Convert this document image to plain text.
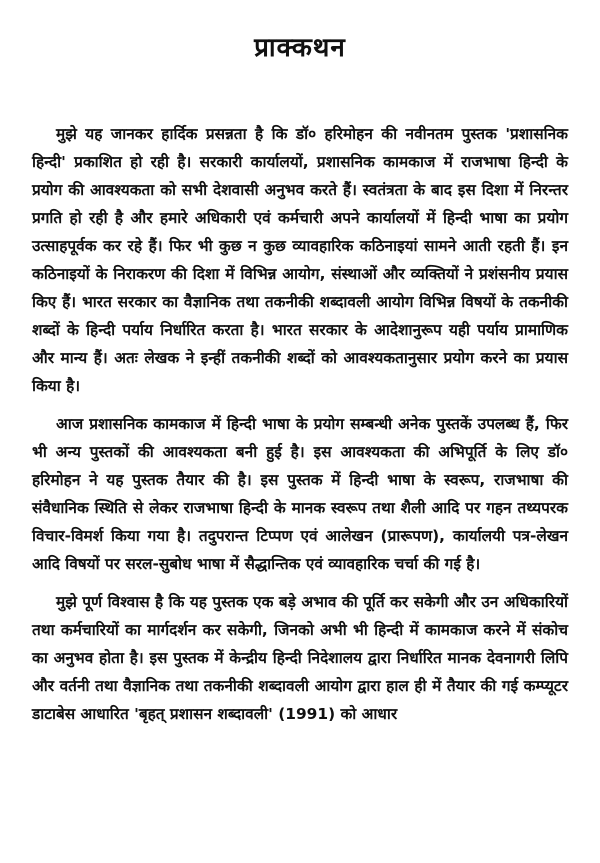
प्राक्कथन

मुझे यह जानकर हार्दिक प्रसन्नता है कि डॉ० हरिमोहन की नवीनतम पुस्तक 'प्रशासनिक हिन्दी' प्रकाशित हो रही है। सरकारी कार्यालयों, प्रशासनिक कामकाज में राजभाषा हिन्दी के प्रयोग की आवश्यकता को सभी देशवासी अनुभव करते हैं। स्वतंत्रता के बाद इस दिशा में निरन्तर प्रगति हो रही है और हमारे अधिकारी एवं कर्मचारी अपने कार्यालयों में हिन्दी भाषा का प्रयोग उत्साहपूर्वक कर रहे हैं। फिर भी कुछ न कुछ व्यावहारिक कठिनाइयां सामने आती रहती हैं। इन कठिनाइयों के निराकरण की दिशा में विभिन्न आयोग, संस्थाओं और व्यक्तियों ने प्रशंसनीय प्रयास किए हैं। भारत सरकार का वैज्ञानिक तथा तकनीकी शब्दावली आयोग विभिन्न विषयों के तकनीकी शब्दों के हिन्दी पर्याय निर्धारित करता है। भारत सरकार के आदेशानुरूप यही पर्याय प्रामाणिक और मान्य हैं। अतः लेखक ने इन्हीं तकनीकी शब्दों को आवश्यकतानुसार प्रयोग करने का प्रयास किया है।

आज प्रशासनिक कामकाज में हिन्दी भाषा के प्रयोग सम्बन्धी अनेक पुस्तकें उपलब्ध हैं, फिर भी अन्य पुस्तकों की आवश्यकता बनी हुई है। इस आवश्यकता की अभिपूर्ति के लिए डॉ० हरिमोहन ने यह पुस्तक तैयार की है। इस पुस्तक में हिन्दी भाषा के स्वरूप, राजभाषा की संवैधानिक स्थिति से लेकर राजभाषा हिन्दी के मानक स्वरूप तथा शैली आदि पर गहन तथ्यपरक विचार-विमर्श किया गया है। तदुपरान्त टिप्पण एवं आलेखन (प्रारूपण), कार्यालयी पत्र-लेखन आदि विषयों पर सरल-सुबोध भाषा में सैद्धान्तिक एवं व्यावहारिक चर्चा की गई है।

मुझे पूर्ण विश्वास है कि यह पुस्तक एक बड़े अभाव की पूर्ति कर सकेगी और उन अधिकारियों तथा कर्मचारियों का मार्गदर्शन कर सकेगी, जिनको अभी भी हिन्दी में कामकाज करने में संकोच का अनुभव होता है। इस पुस्तक में केन्द्रीय हिन्दी निदेशालय द्वारा निर्धारित मानक देवनागरी लिपि और वर्तनी तथा वैज्ञानिक तथा तकनीकी शब्दावली आयोग द्वारा हाल ही में तैयार की गई कम्प्यूटर डाटाबेस आधारित 'बृहत् प्रशासन शब्दावली' (1991) को आधार
